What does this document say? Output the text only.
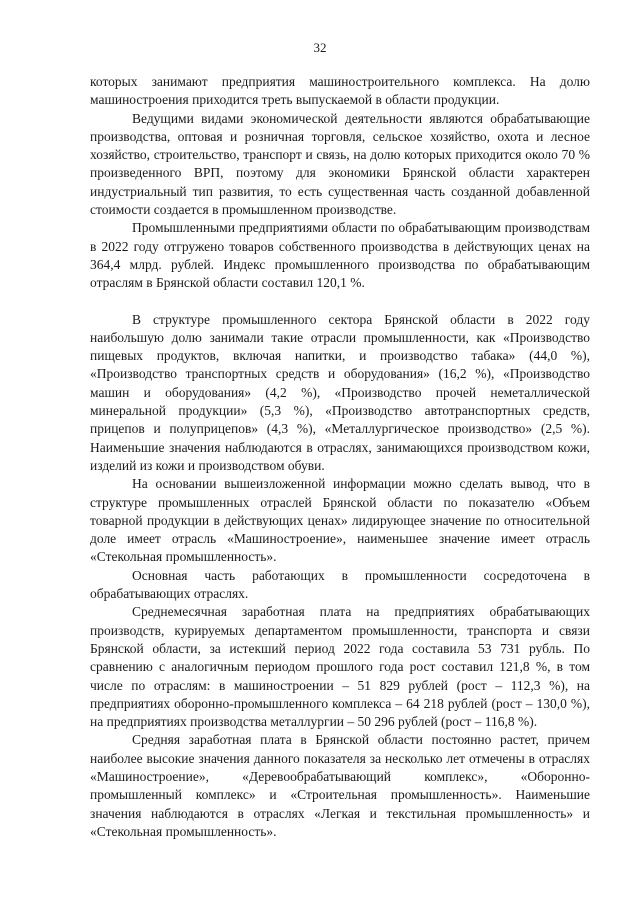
32

которых занимают предприятия машиностроительного комплекса. На долю машиностроения приходится треть выпускаемой в области продукции.

Ведущими видами экономической деятельности являются обрабатывающие производства, оптовая и розничная торговля, сельское хозяйство, охота и лесное хозяйство, строительство, транспорт и связь, на долю которых приходится около 70 % произведенного ВРП, поэтому для экономики Брянской области характерен индустриальный тип развития, то есть существенная часть созданной добавленной стоимости создается в промышленном производстве.

Промышленными предприятиями области по обрабатывающим производствам в 2022 году отгружено товаров собственного производства в действующих ценах на 364,4 млрд. рублей. Индекс промышленного производства по обрабатывающим отраслям в Брянской области составил 120,1 %.

В структуре промышленного сектора Брянской области в 2022 году наибольшую долю занимали такие отрасли промышленности, как «Производство пищевых продуктов, включая напитки, и производство табака» (44,0 %), «Производство транспортных средств и оборудования» (16,2 %), «Производство машин и оборудования» (4,2 %), «Производство прочей неметаллической минеральной продукции» (5,3 %), «Производство автотранспортных средств, прицепов и полуприцепов» (4,3 %), «Металлургическое производство» (2,5 %). Наименьшие значения наблюдаются в отраслях, занимающихся производством кожи, изделий из кожи и производством обуви.

На основании вышеизложенной информации можно сделать вывод, что в структуре промышленных отраслей Брянской области по показателю «Объем товарной продукции в действующих ценах» лидирующее значение по относительной доле имеет отрасль «Машиностроение», наименьшее значение имеет отрасль «Стекольная промышленность».

Основная часть работающих в промышленности сосредоточена в обрабатывающих отраслях.

Среднемесячная заработная плата на предприятиях обрабатывающих производств, курируемых департаментом промышленности, транспорта и связи Брянской области, за истекший период 2022 года составила 53 731 рубль. По сравнению с аналогичным периодом прошлого года рост составил 121,8 %, в том числе по отраслям: в машиностроении – 51 829 рублей (рост – 112,3 %), на предприятиях оборонно-промышленного комплекса – 64 218 рублей (рост – 130,0 %), на предприятиях производства металлургии – 50 296 рублей (рост – 116,8 %).

Средняя заработная плата в Брянской области постоянно растет, причем наиболее высокие значения данного показателя за несколько лет отмечены в отраслях «Машиностроение», «Деревообрабатывающий комплекс», «Оборонно-промышленный комплекс» и «Строительная промышленность». Наименьшие значения наблюдаются в отраслях «Легкая и текстильная промышленность» и «Стекольная промышленность».
